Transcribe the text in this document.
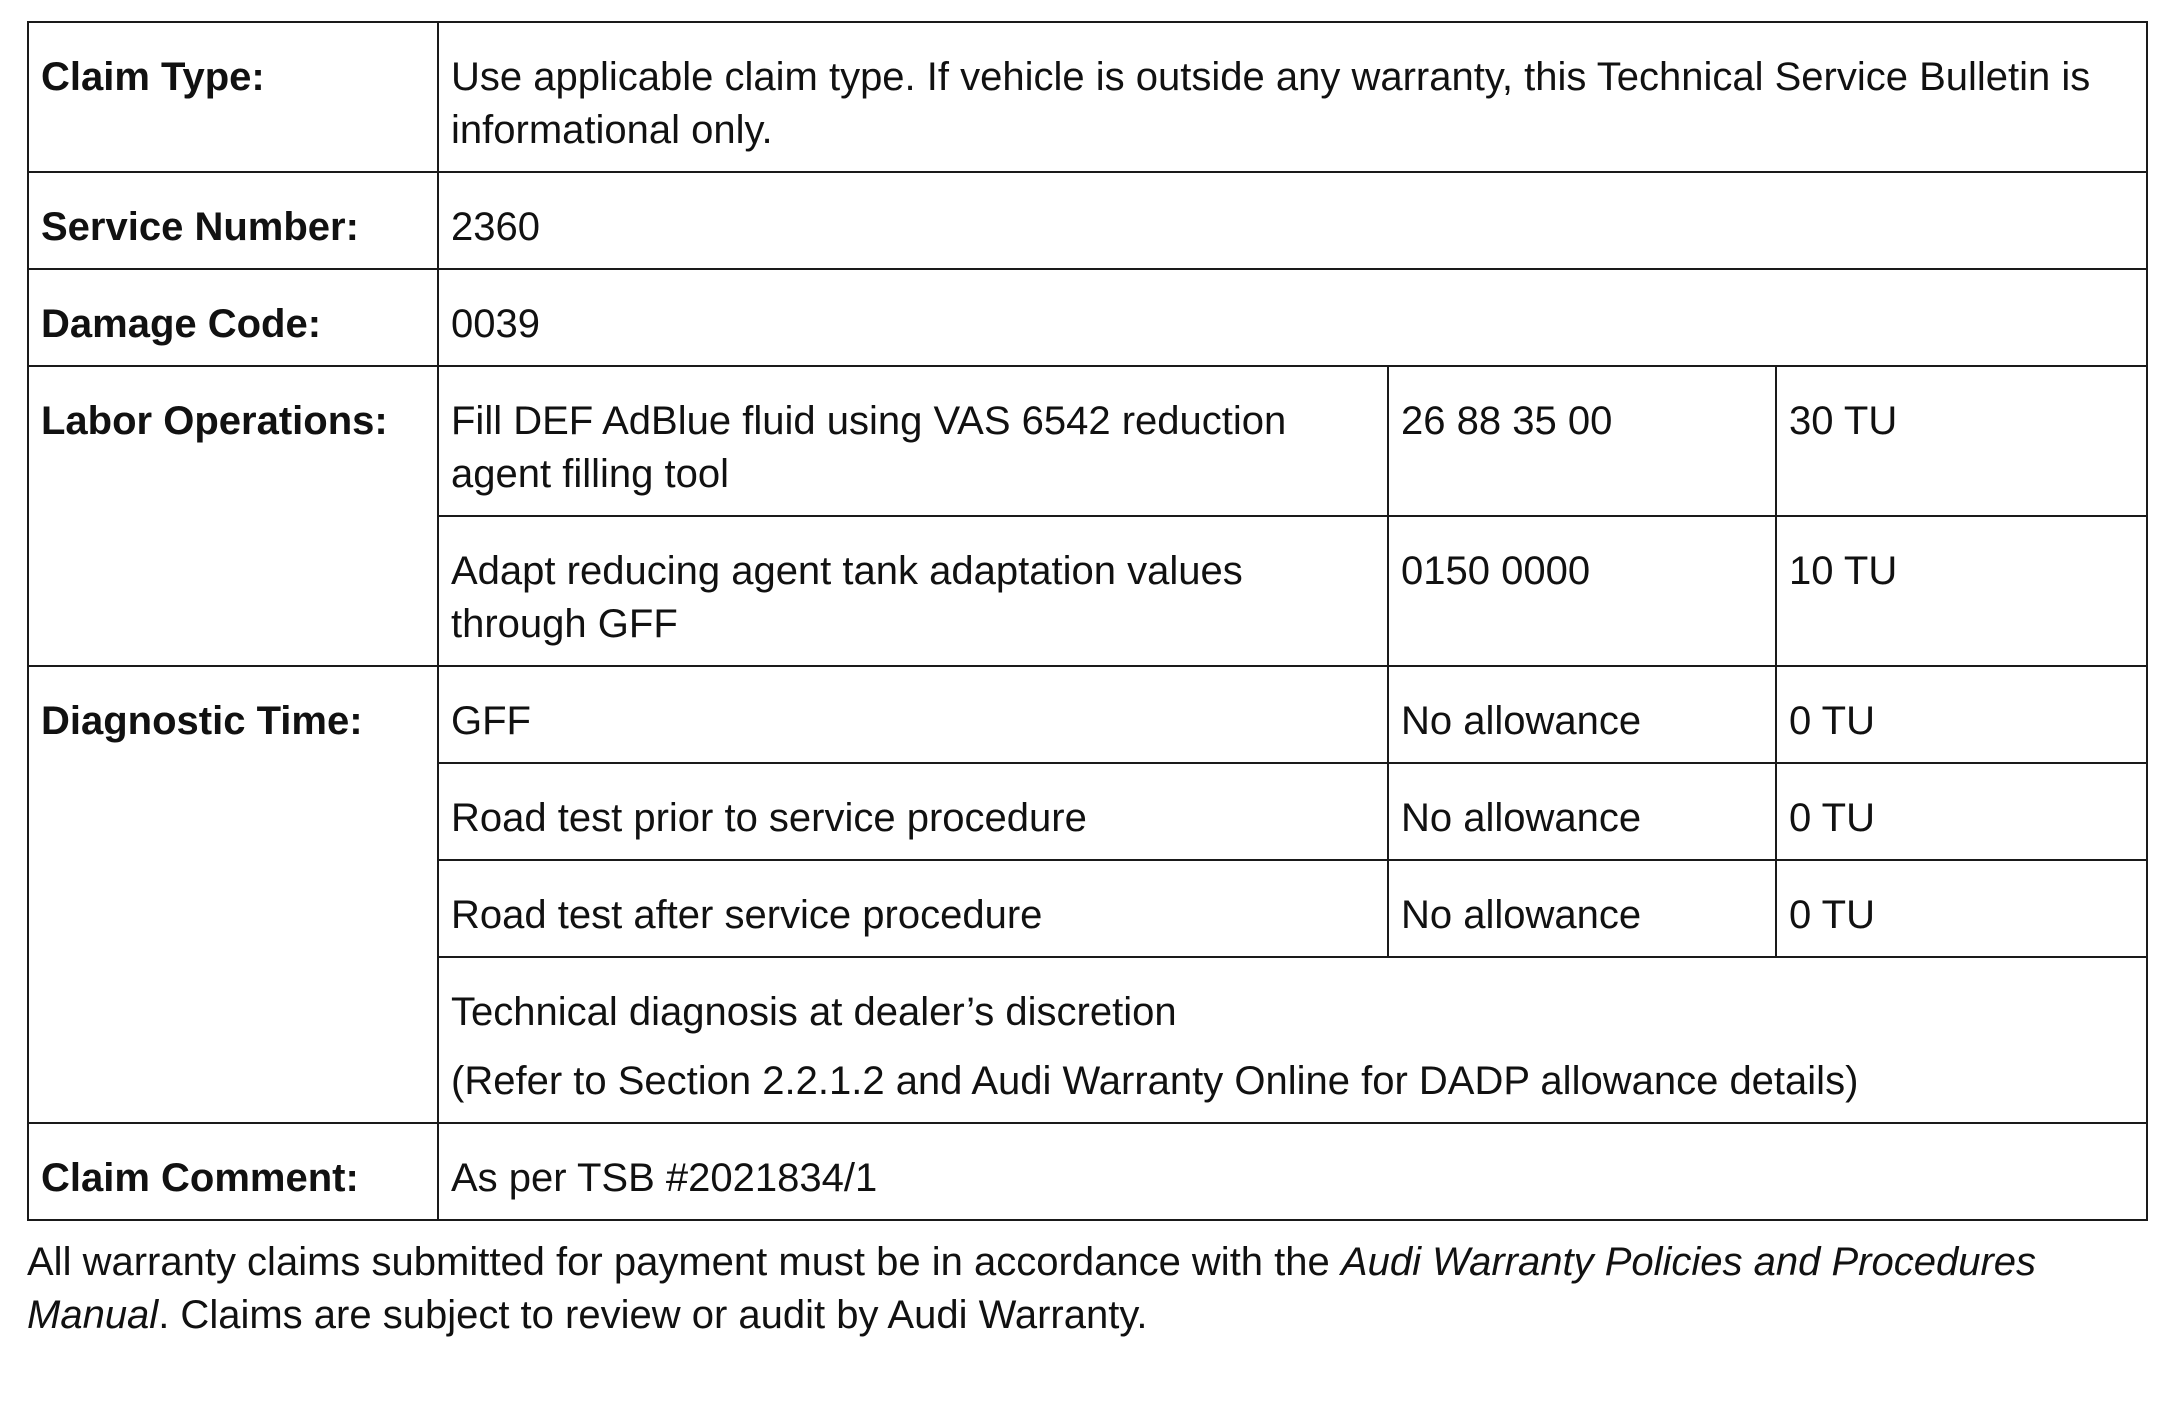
Claim Type:	Use applicable claim type. If vehicle is outside any warranty, this Technical Service Bulletin is informational only.		
Service Number:	2360		
Damage Code:	0039		
Labor Operations:	Fill DEF AdBlue fluid using VAS 6542 reduction agent filling tool	26 88 35 00	30 TU
	Adapt reducing agent tank adaptation values through GFF	0150 0000	10 TU
Diagnostic Time:	GFF	No allowance	0 TU
	Road test prior to service procedure	No allowance	0 TU
	Road test after service procedure	No allowance	0 TU

	Technical diagnosis at dealer’s discretion
(Refer to Section 2.2.1.2 and Audi Warranty Online for DADP allowance details)		

Claim Comment:	As per TSB #2021834/1		
All warranty claims submitted for payment must be in accordance with the Audi Warranty Policies and Procedures Manual. Claims are subject to review or audit by Audi Warranty.
